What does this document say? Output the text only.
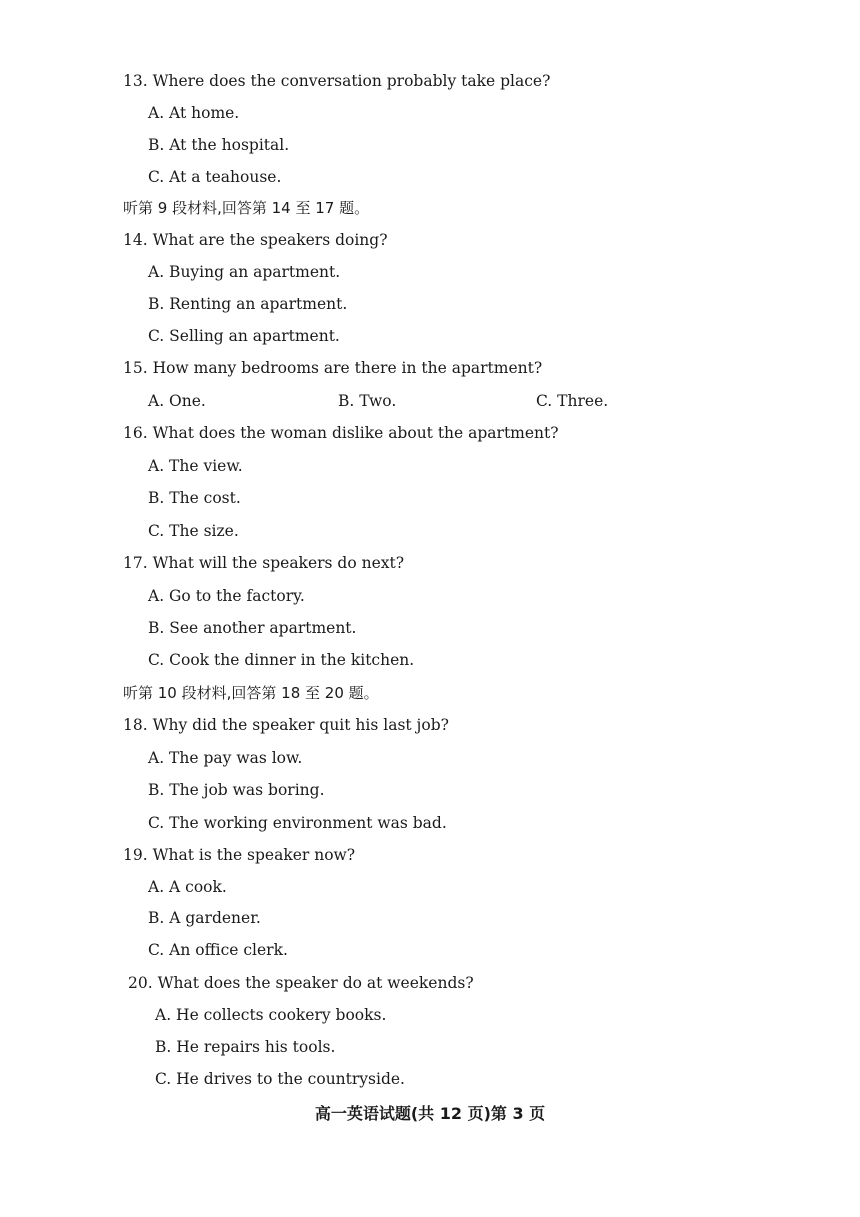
13. Where does the conversation probably take place?
A. At home.
B. At the hospital.
C. At a teahouse.
听第 9 段材料,回答第 14 至 17 题。
14. What are the speakers doing?
A. Buying an apartment.
B. Renting an apartment.
C. Selling an apartment.
15. How many bedrooms are there in the apartment?
A. One.	B. Two.	C. Three.
16. What does the woman dislike about the apartment?
A. The view.
B. The cost.
C. The size.
17. What will the speakers do next?
A. Go to the factory.
B. See another apartment.
C. Cook the dinner in the kitchen.
听第 10 段材料,回答第 18 至 20 题。
18. Why did the speaker quit his last job?
A. The pay was low.
B. The job was boring.
C. The working environment was bad.
19. What is the speaker now?
A. A cook.
B. A gardener.
C. An office clerk.
20. What does the speaker do at weekends?
A. He collects cookery books.
B. He repairs his tools.
C. He drives to the countryside.
高一英语试题(共 12 页)第 3 页
